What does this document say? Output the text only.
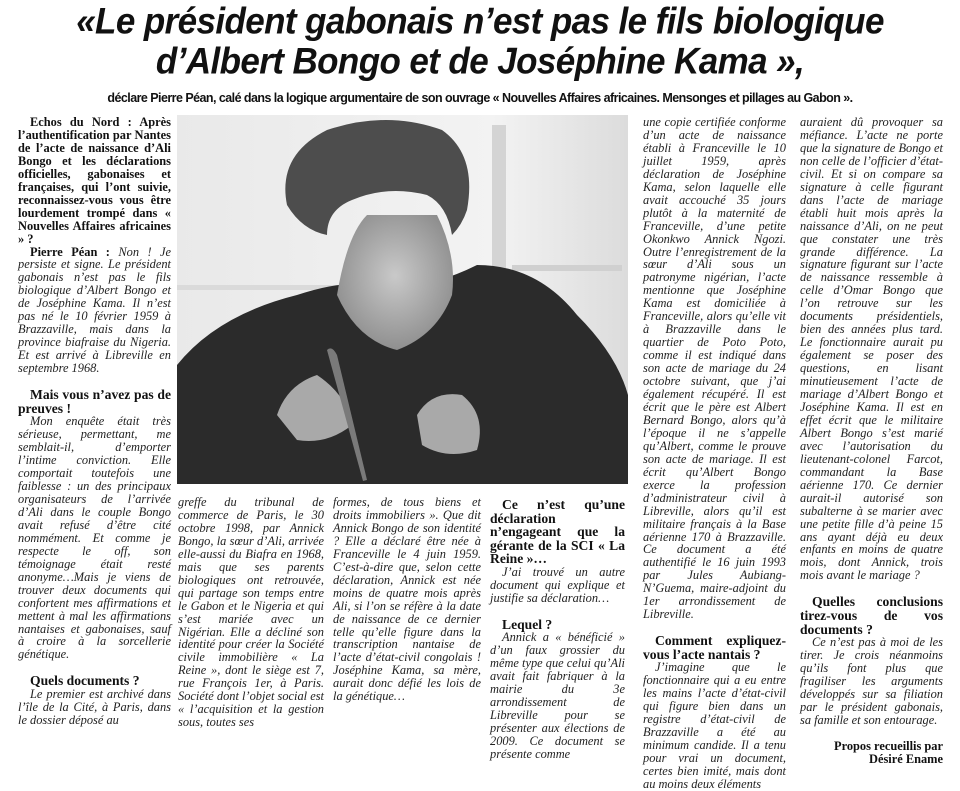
«Le président gabonais n’est pas le fils biologique
d’Albert Bongo et de Joséphine Kama »,
déclare Pierre Péan, calé dans la logique argumentaire de son ouvrage « Nouvelles Affaires africaines. Mensonges et pillages au Gabon ».

Echos du Nord : Après l’authentification par Nantes de l’acte de naissance d’Ali Bongo et les déclarations officielles, gabonaises et françaises, qui l’ont suivie, reconnaissez-vous vous être lourdement trompé dans « Nouvelles Affaires africaines » ?

Pierre Péan : Non ! Je persiste et signe. Le président gabonais n’est pas le fils biologique d’Albert Bongo et de Joséphine Kama. Il n’est pas né le 10 février 1959 à Brazzaville, mais dans la province biafraise du Nigeria. Et est arrivé à Libreville en septembre 1968.

Mais vous n’avez pas de preuves !

Mon enquête était très sérieuse, permettant, me semblait-il, d’emporter l’intime conviction. Elle comportait toutefois une faiblesse : un des principaux organisateurs de l’arrivée d’Ali dans le couple Bongo avait refusé d’être cité nommément. Et comme je respecte le off, son témoignage était resté anonyme…Mais je viens de trouver deux documents qui confortent mes affirmations et mettent à mal les affirmations nantaises et gabonaises, sauf à croire à la sorcellerie génétique.

Quels documents ?

Le premier est archivé dans l’île de la Cité, à Paris, dans le dossier déposé au

greffe du tribunal de commerce de Paris, le 30 octobre 1998, par Annick Bongo, la sœur d’Ali, arrivée elle-aussi du Biafra en 1968, mais que ses parents biologiques ont retrouvée, qui partage son temps entre le Gabon et le Nigeria et qui s’est mariée avec un Nigérian. Elle a décliné son identité pour créer la Société civile immobilière « La Reine », dont le siège est 7, rue François 1er, à Paris. Société dont l’objet social est « l’acquisition et la gestion sous, toutes ses

formes, de tous biens et droits immobiliers ». Que dit Annick Bongo de son identité ? Elle a déclaré être née à Franceville le 4 juin 1959. C’est-à-dire que, selon cette déclaration, Annick est née moins de quatre mois après Ali, si l’on se réfère à la date de naissance de ce dernier telle qu’elle figure dans la transcription nantaise de l’acte d’état-civil congolais ! Joséphine Kama, sa mère, aurait donc défié les lois de la génétique…

Ce n’est qu’une déclaration n’engageant que la gérante de la SCI « La Reine »…

J’ai trouvé un autre document qui explique et justifie sa déclaration…

Lequel ?

Annick a « bénéficié » d’un faux grossier du même type que celui qu’Ali avait fait fabriquer à la mairie du 3e arrondissement de Libreville pour se présenter aux élections de 2009. Ce document se présente comme

une copie certifiée conforme d’un acte de naissance établi à Franceville le 10 juillet 1959, après déclaration de Joséphine Kama, selon laquelle elle avait accouché 35 jours plutôt à la maternité de Franceville, d’une petite Okonkwo Annick Ngozi. Outre l’enregistrement de la sœur d’Ali sous un patronyme nigérian, l’acte mentionne que Joséphine Kama est domiciliée à Franceville, alors qu’elle vit à Brazzaville dans le quartier de Poto Poto, comme il est indiqué dans son acte de mariage du 24 octobre suivant, que j’ai également récupéré. Il est écrit que le père est Albert Bernard Bongo, alors qu’à l’époque il ne s’appelle qu’Albert, comme le prouve son acte de mariage. Il est écrit qu’Albert Bongo exerce la profession d’administrateur civil à Libreville, alors qu’il est militaire français à la Base aérienne 170 à Brazzaville. Ce document a été authentifié le 16 juin 1993 par Jules Aubiang-N’Guema, maire-adjoint du 1er arrondissement de Libreville.

Comment expliquez-vous l’acte nantais ?

J’imagine que le fonctionnaire qui a eu entre les mains l’acte d’état-civil qui figure bien dans un registre d’état-civil de Brazzaville a été au minimum candide. Il a tenu pour vrai un document, certes bien imité, mais dont au moins deux éléments

auraient dû provoquer sa méfiance. L’acte ne porte que la signature de Bongo et non celle de l’officier d’état-civil. Et si on compare sa signature à celle figurant dans l’acte de mariage établi huit mois après la naissance d’Ali, on ne peut que constater une très grande différence. La signature figurant sur l’acte de naissance ressemble à celle d’Omar Bongo que l’on retrouve sur les documents présidentiels, bien des années plus tard. Le fonctionnaire aurait pu également se poser des questions, en lisant minutieusement l’acte de mariage d’Albert Bongo et Joséphine Kama. Il est en effet écrit que le militaire Albert Bongo s’est marié avec l’autorisation du lieutenant-colonel Farcot, commandant la Base aérienne 170. Ce dernier aurait-il autorisé son subalterne à se marier avec une petite fille d’à peine 15 ans ayant déjà eu deux enfants en moins de quatre mois, dont Annick, trois mois avant le mariage ?

Quelles conclusions tirez-vous de vos documents ?

Ce n’est pas à moi de les tirer. Je crois néanmoins qu’ils font plus que fragiliser les arguments développés sur sa filiation par le président gabonais, sa famille et son entourage.

Propos recueillis par

Désiré Ename
